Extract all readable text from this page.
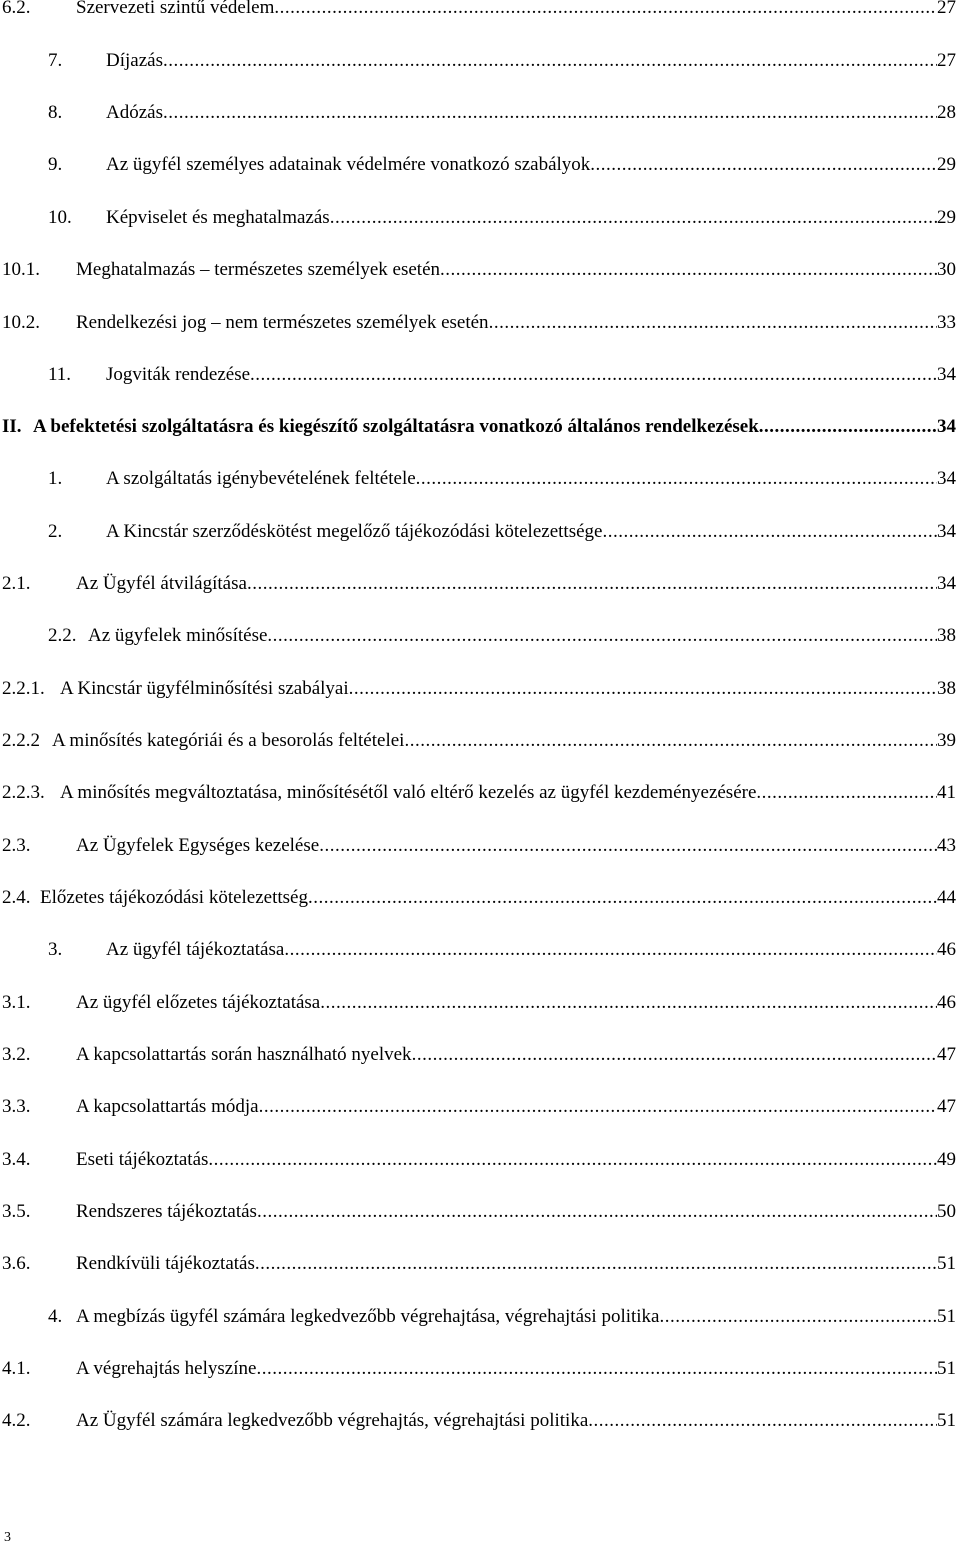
6.2. Szervezeti szintű védelem .....	27
7. Díjazás .....	27
8. Adózás .....	28
9. Az ügyfél személyes adatainak védelmére vonatkozó szabályok .....	29
10. Képviselet és meghatalmazás .....	29
10.1. Meghatalmazás – természetes személyek esetén .....	30
10.2. Rendelkezési jog – nem természetes személyek esetén .....	33
11. Jogviták rendezése .....	34
II. A befektetési szolgáltatásra és kiegészítő szolgáltatásra vonatkozó általános rendelkezések .....	34
1. A szolgáltatás igénybevételének feltétele .....	34
2. A Kincstár szerződéskötést megelőző tájékozódási kötelezettsége .....	34
2.1. Az Ügyfél átvilágítása .....	34
2.2. Az ügyfelek minősítése .....	38
2.2.1. A Kincstár ügyfélminősítési szabályai .....	38
2.2.2 A minősítés kategóriái és a besorolás feltételei .....	39
2.2.3. A minősítés megváltoztatása, minősítésétől való eltérő kezelés az ügyfél kezdeményezésére .....	41
2.3. Az Ügyfelek Egységes kezelése .....	43
2.4. Előzetes tájékozódási kötelezettség .....	44
3. Az ügyfél tájékoztatása .....	46
3.1. Az ügyfél előzetes tájékoztatása .....	46
3.2. A kapcsolattartás során használható nyelvek .....	47
3.3. A kapcsolattartás módja .....	47
3.4. Eseti tájékoztatás .....	49
3.5. Rendszeres tájékoztatás .....	50
3.6. Rendkívüli tájékoztatás .....	51
4. A megbízás ügyfél számára legkedvezőbb végrehajtása, végrehajtási politika .....	51
4.1. A végrehajtás helyszíne .....	51
4.2. Az Ügyfél számára legkedvezőbb végrehajtás, végrehajtási politika .....	51
3
